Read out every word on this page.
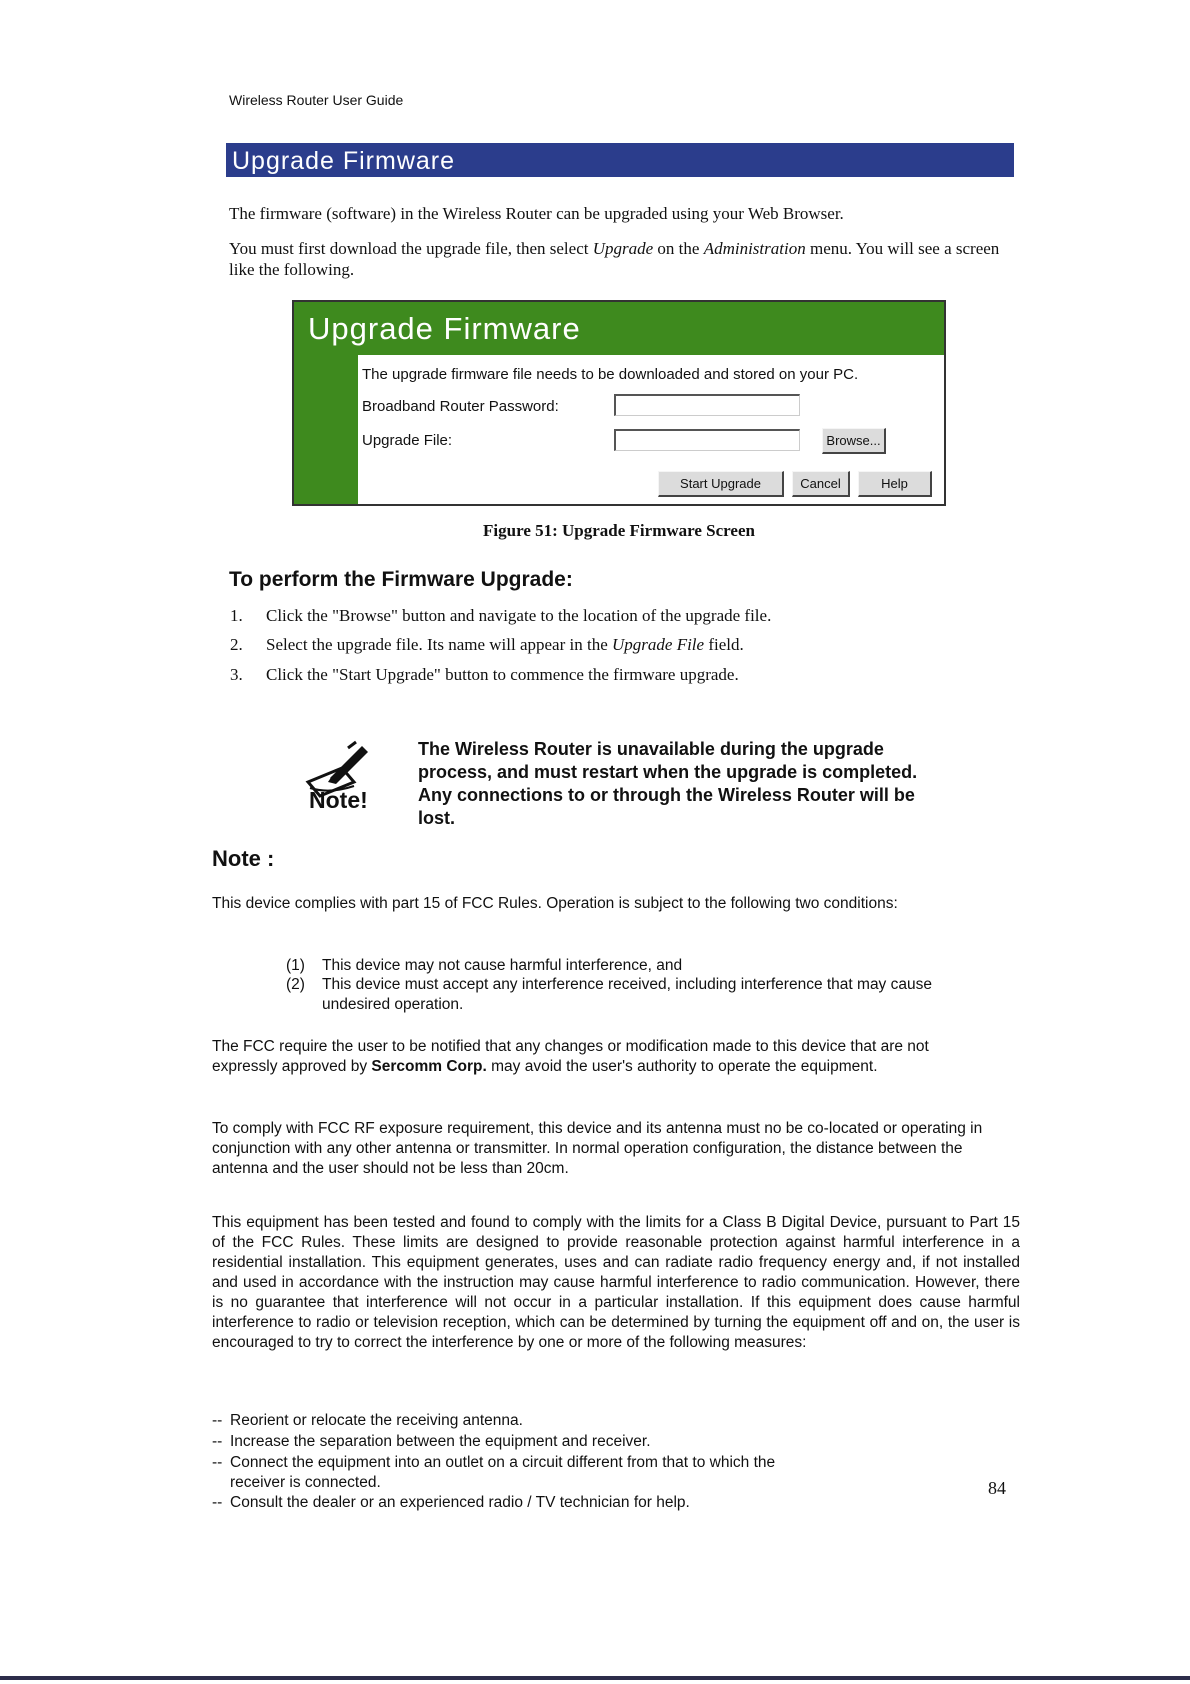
Wireless Router User Guide
Upgrade Firmware
The firmware (software) in the Wireless Router can be upgraded using your Web Browser.
You must first download the upgrade file, then select Upgrade on the Administration menu. You will see a screen like the following.
Upgrade Firmware
The upgrade firmware file needs to be downloaded and stored on your PC.
Broadband Router Password:
Upgrade File:	Browse...
Start Upgrade	Cancel	Help
Figure 51: Upgrade Firmware Screen
To perform the Firmware Upgrade:
1. Click the "Browse" button and navigate to the location of the upgrade file.
2. Select the upgrade file. Its name will appear in the Upgrade File field.
3. Click the "Start Upgrade" button to commence the firmware upgrade.
Note!
The Wireless Router is unavailable during the upgrade process, and must restart when the upgrade is completed. Any connections to or through the Wireless Router will be lost.
Note :
This device complies with part 15 of FCC Rules. Operation is subject to the following two conditions:
(1) This device may not cause harmful interference, and
(2) This device must accept any interference received, including interference that may cause undesired operation.
The FCC require the user to be notified that any changes or modification made to this device that are not expressly approved by Sercomm Corp. may avoid the user's authority to operate the equipment.
To comply with FCC RF exposure requirement, this device and its antenna must no be co-located or operating in conjunction with any other antenna or transmitter. In normal operation configuration, the distance between the antenna and the user should not be less than 20cm.
This equipment has been tested and found to comply with the limits for a Class B Digital Device, pursuant to Part 15 of the FCC Rules. These limits are designed to provide reasonable protection against harmful interference in a residential installation. This equipment generates, uses and can radiate radio frequency energy and, if not installed and used in accordance with the instruction may cause harmful interference to radio communication. However, there is no guarantee that interference will not occur in a particular installation. If this equipment does cause harmful interference to radio or television reception, which can be determined by turning the equipment off and on, the user is encouraged to try to correct the interference by one or more of the following measures:
-- Reorient or relocate the receiving antenna.
-- Increase the separation between the equipment and receiver.
-- Connect the equipment into an outlet on a circuit different from that to which the receiver is connected.
-- Consult the dealer or an experienced radio / TV technician for help.
84
